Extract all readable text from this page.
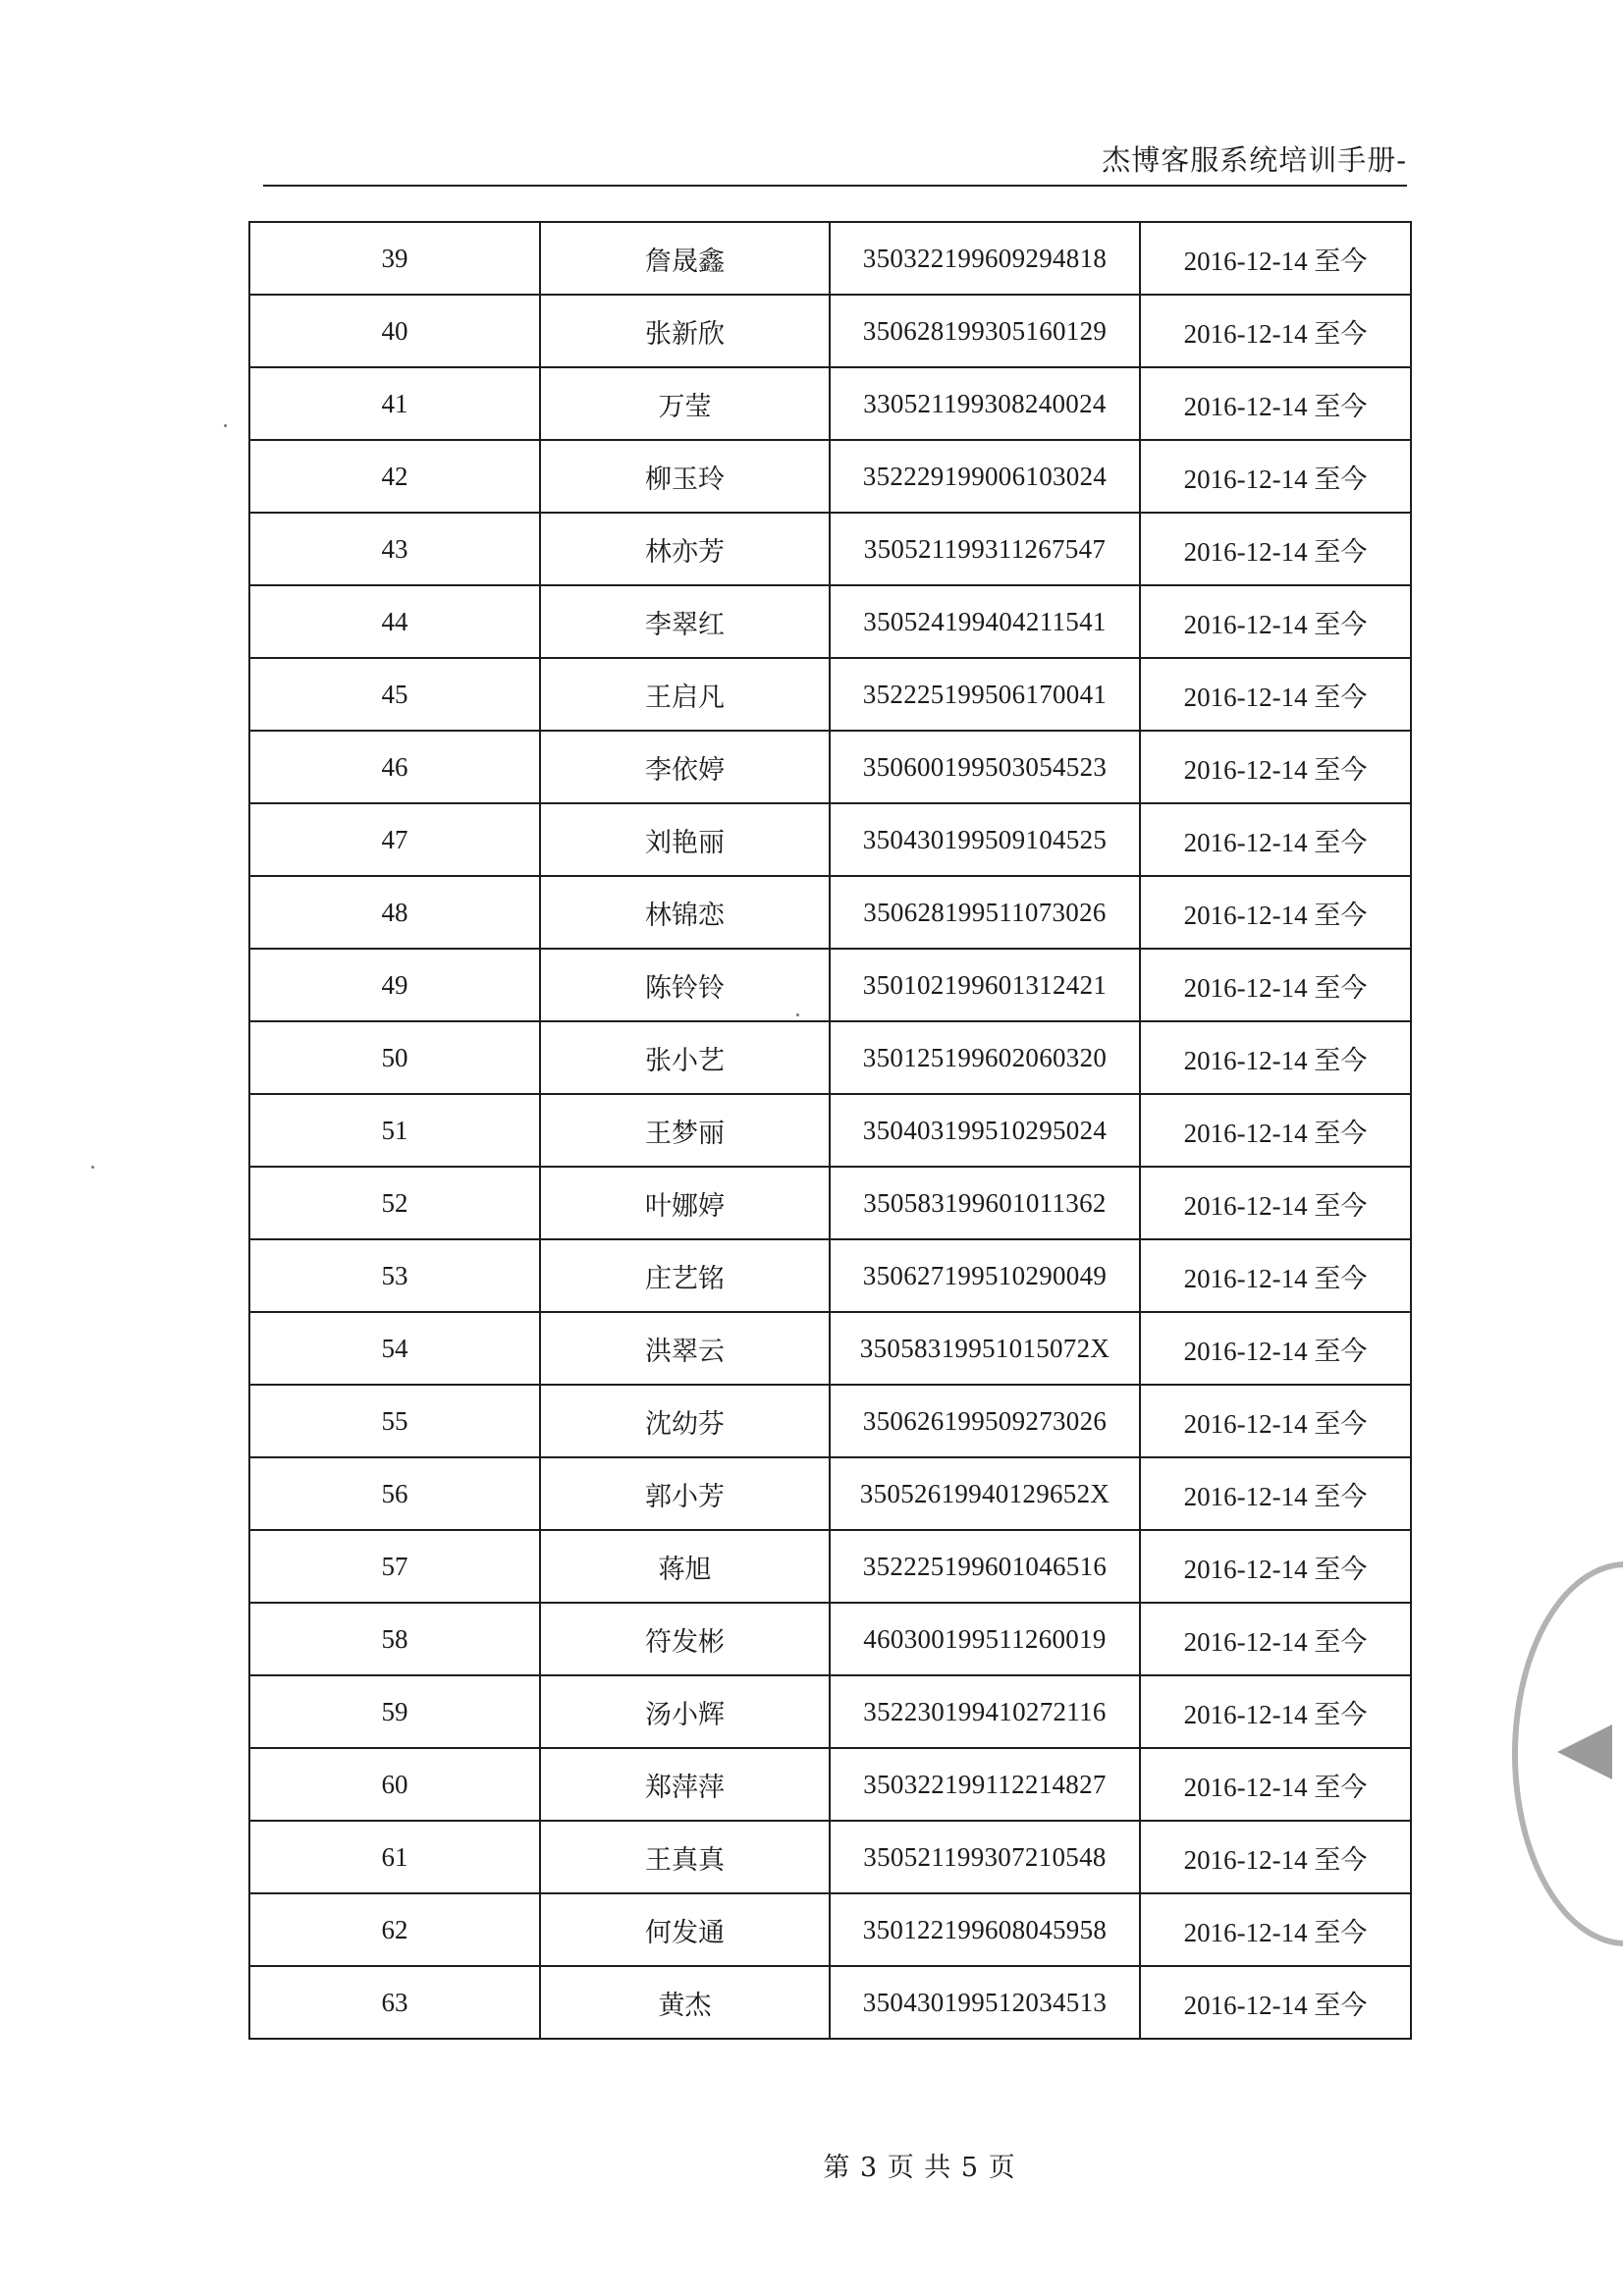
杰博客服系统培训手册-
39	詹晟鑫	350322199609294818	2016-12-14 至今
40	张新欣	350628199305160129	2016-12-14 至今
41	万莹	330521199308240024	2016-12-14 至今
42	柳玉玲	352229199006103024	2016-12-14 至今
43	林亦芳	350521199311267547	2016-12-14 至今
44	李翠红	350524199404211541	2016-12-14 至今
45	王启凡	352225199506170041	2016-12-14 至今
46	李依婷	350600199503054523	2016-12-14 至今
47	刘艳丽	350430199509104525	2016-12-14 至今
48	林锦恋	350628199511073026	2016-12-14 至今
49	陈铃铃	350102199601312421	2016-12-14 至今
50	张小艺	350125199602060320	2016-12-14 至今
51	王梦丽	350403199510295024	2016-12-14 至今
52	叶娜婷	350583199601011362	2016-12-14 至今
53	庄艺铭	350627199510290049	2016-12-14 至今
54	洪翠云	35058319951015072X	2016-12-14 至今
55	沈幼芬	350626199509273026	2016-12-14 至今
56	郭小芳	35052619940129652X	2016-12-14 至今
57	蒋旭	352225199601046516	2016-12-14 至今
58	符发彬	460300199511260019	2016-12-14 至今
59	汤小辉	352230199410272116	2016-12-14 至今
60	郑萍萍	350322199112214827	2016-12-14 至今
61	王真真	350521199307210548	2016-12-14 至今
62	何发通	350122199608045958	2016-12-14 至今
63	黄杰	350430199512034513	2016-12-14 至今
第 3 页 共 5 页
